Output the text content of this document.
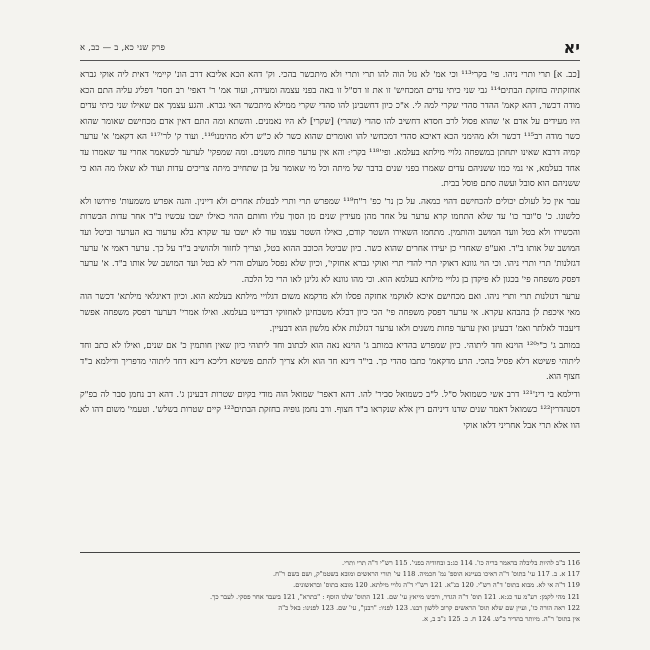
יא
פרק שני כא, ב — כב, א

[כב. א] תרי ותרי ניהו. פי' בקרי¹¹³ וכי אמ' לא גזל הוה להו תרי ותרי ולא מיתכשר בהכי. וק' דהא הכא אליבא דרב הונ' קיימי' דאית ליה אוקי גברא אחזקתיה בחזקת הבתים¹¹⁴ גבי שני כיתי עדים המכחיש' זו את זו דס"ל זו באה בפני עצמה ומעידה, ועוד אמ' ר' דאפי' רב חסד' דפליג עליה התם הכא מודה דכשר, דהא קאמ' ההדר סהדי שקרי למה לי. א"כ כיון דחשבינן להו סהדי שקרי ממילא מיתכשר האי גברא. והגע עצמך אם שאילו שני כיתי עדים היו מעידים על אדם א' שהוא פסול לרב חסדא דחשיב להו סהדי (שהרי) [שקרי] לא היו נאמנים. והשתא ומה התם דאין אדם מכחישם שאומר שהוא כשר מודה רב¹¹⁵ דכשר ולא מהימני הכא דאיכא סהדי דמכחשי להו ואומרים שהוא כשר לא כ"ש דלא מהימנו¹¹⁶. ועוד ק' לר'¹¹⁷ הא דקאמ' א' ערער קמיה דרבא שאינו יתחתן במשפחה גלויי מילתא בעלמא. ופי'¹¹⁸ בקרי: והא אין ערער פחות משנים. ומה שמפקי' לערער לכשאמר אחרי עד שאמרו עד אחד בעלמא, אי נמי כמו ששניהם עדים שאמרו בפני שנים בדבר של מיתה וכל מי שאומר על בן שתחייב מיתה צריכים עדות ועוד לא שאלו מה הוא כי ששניהם הוא סובל ועשה סתם פוסל בבית.

עבר אין כל לעולם יכולים להכחישם דהוי כמאה. על כן נר' כפ' ר"ח¹¹⁹ שמפרש תרי ותרי לבטלת אחרים ולא דיינין. והנה אפרש משמעות' פירושו ולא כלשונו. כ' ס"ובר כו' עד שלא התחמו קרא ערער על אחד מהן מעידין שנים מן הסוך עליו וחותם ההוי כאילו ישבו עכשיו ב"ד אחר עדות הבשרות והכשירו ולא בטל וועד המושב והותמין. מתחמו השאירו השטר קודם, כאילו השטר עצמו עוד לא ישבו עד שקרא בלא ערעור בא הערער וביטל ועד המושב של אותו ב"ד. ואע"פ שאחרי כן יעידו אחרים שהוא כשר. כיון שביטל הכוכב ההוא בטל, וצריך לחזור ולהושיב ב"ד על כך. ערער דאמי א' ערער דגזלנות' תרי ותרי ניהו. וכי הוי גוונא דאוקי תרי להדי תרי ואוקי גברא אחזקי', וכיון שלא נפסל מעולם והרי לא בטל ועד המושב של אותו ב"ד. א' ערער דפסק משפחה פי' בכגון לא פיקדן בן גלויי מילתא בעלמא הוא. וכי מהו גוונא לא גלינן לאו הרי כל הלכה.

ערער דגזלנות תרי ותרי ניהו. ואם מכחישם איכא לאוקמי אחזקה פסלו ולא מדקמא משום דגלויי מילתא בעלמא הוא. וכיון דאיגלאי מילתא' דכשר הוה מאי איכפת לן בהבהא עקרא. אי ערער דפסק משפחה פי' הכי כיון דבלא משכחינן לאחזוקי דבדיינו בעלמא. ואילו אמרי' דערער דפסק משפחה אפשר דיעבוד לאלתר ואמ' דבעינן ואין ערער פחות משנים ולאו ערער דגזלנות אלא מלשון הוא דבעיין.

במותב ג' כ"י¹²⁰ הוינא וחד ליתוהי. כיון שמפרש בהדיא במותב ג' הוינא נאה הוא לכתוב וחד ליתוהי כיון שאין חותמין כ' אם שנים, ואילו לא כתב וחד ליתוהי פשיטא דלא פסיל בהכי. הרע מדקאמ' כתבו סהדי כך. בי"ד דינא חד הוא ולא צריך להתם פשיטא דליכא דינא דחד ליתוהי מדפריך ודילמא ב"ד חצוף הוא.

ודילמא בי דינ'¹²¹ דרב אשי כשמואל ס"ל. ל"ב כשמואל סביר' להו. דהא דאפר' שמואל הוה מודי בקיום שטרות דבעינן ג'. דהא רב נחמן סבר לה בפ"ק דסנהדרין¹²² כשמואל דאמר שנים שדנו דיניהם דין אלא שנקראו ב"ד חצוף. ורב נחמן גופיה בחזקת הבתים¹²³ קיים שטרות בשלש'. וטעמי' משום דהו לא הוו אלא תרי אבל אחריני דלאו אוקי

116 ב"ב להיות בליבלה בדאמר בריה כו'. 114 כג:ב ובחודיה בפני'. 115 רש"י ד"ה תרי ותרי.
117 א. ב. 117 עי' בתוס' ד"ה דאיכו בעיינא הוספ' נמ' חכמיה. 118 עי' תורי הראשים ומובא בשטמ"ק, ושם בשם ר"ח.
119 ד"ה אי לא. מבוא בתוס' ד"ה רש"י. 120 בנ"א. 121 רש"י ד"ה גלויי מילתא. 120 מובא בתוס' ובראשונים.
121 מהי לקמן: רע"מ עד כג:א. 121 תוס' ד"ה הגדר, ורבינו מייאץ עי' שם. 121 התוס' שלנו הוסף : "בתרא", 121 ביעבד אחר פסקי. לעבר כך.
122 ראה הורה כו', ועיין שם שלא תוס' הראשים קרוב ללשון רבנו. 123 לפניו: "רבנן", עי' שם. 123 לפנינו: באל כ"ה
אין בתוס' ר"ה. מיותר בהדיר ב"ש. 124 ח. ב. 125 נ"ב ב, א.
